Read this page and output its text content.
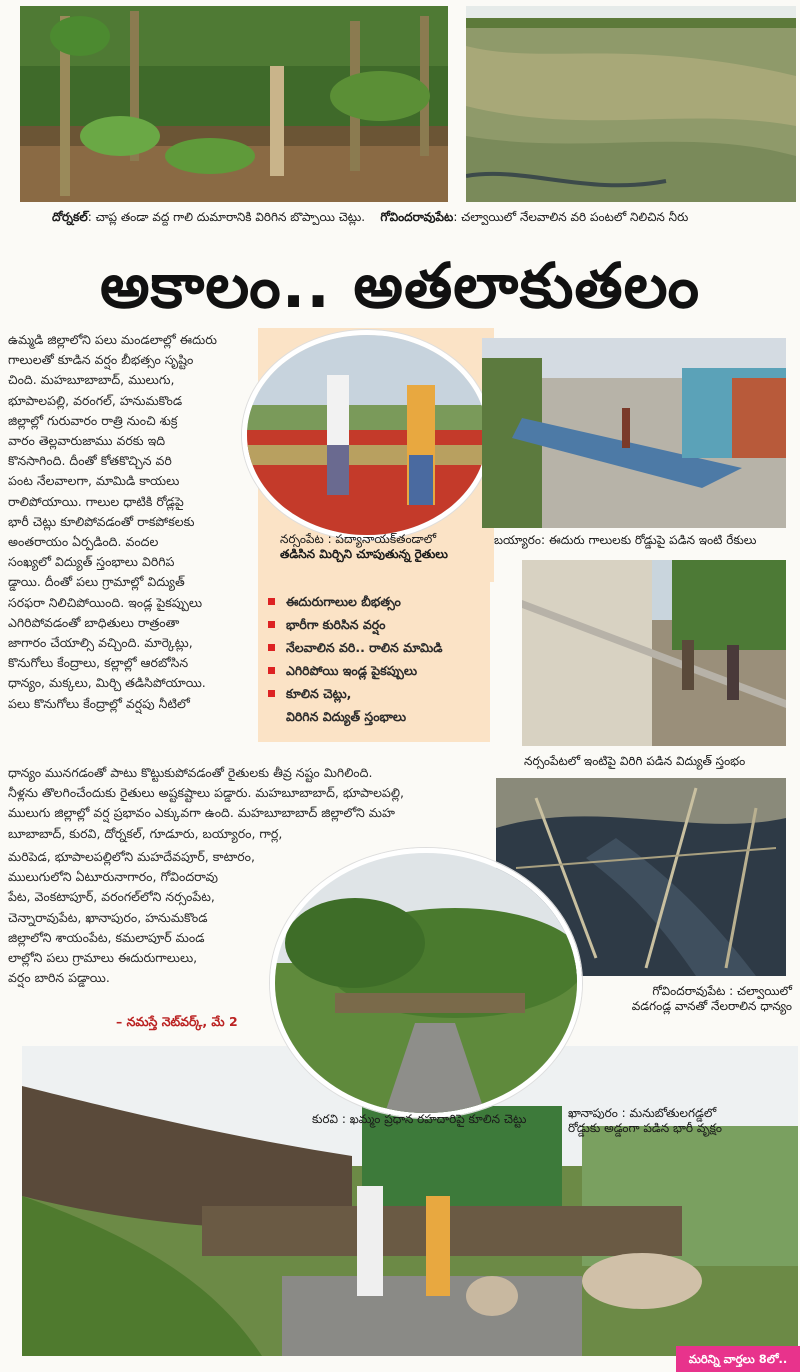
దోర్నకల్: చాప్ల తండా వద్ద గాలి దుమారానికి విరిగిన బొప్పాయి చెట్లు. గోవిందరావుపేట: చల్వాయిలో నేలవాలిన వరి పంటలో నిలిచిన నీరు
అకాలం.. అతలాకుతలం

ఉమ్మడి జిల్లాలోని పలు మండలాల్లో ఈదురు

గాలులతో కూడిన వర్షం బీభత్సం సృష్టిం

చింది. మహబూబాబాద్, ములుగు,

భూపాలపల్లి, వరంగల్, హనుమకొండ

జిల్లాల్లో గురువారం రాత్రి నుంచి శుక్ర

వారం తెల్లవారుజాము వరకు ఇది

కొనసాగింది. దీంతో కోతకొచ్చిన వరి

పంట నేలవాలగా, మామిడి కాయలు

రాలిపోయాయి. గాలుల ధాటికి రోడ్లపై

భారీ చెట్లు కూలిపోవడంతో రాకపోకలకు

అంతరాయం ఏర్పడింది. వందల

సంఖ్యలో విద్యుత్ స్తంభాలు విరిగిప

డ్డాయి. దీంతో పలు గ్రామాల్లో విద్యుత్

సరఫరా నిలిచిపోయింది. ఇండ్ల పైకప్పులు

ఎగిరిపోవడంతో బాధితులు రాత్రంతా

జాగారం చేయాల్సి వచ్చింది. మార్కెట్లు,

కొనుగోలు కేంద్రాలు, కల్లాల్లో ఆరబోసిన

ధాన్యం, మక్కలు, మిర్చి తడిసిపోయాయి.

పలు కొనుగోలు కేంద్రాల్లో వర్షపు నీటిలో

ధాన్యం మునగడంతో పాటు కొట్టుకుపోవడంతో రైతులకు తీవ్ర నష్టం మిగిలింది.

నీళ్లను తొలగించేందుకు రైతులు అష్టకష్టాలు పడ్డారు. మహబూబాబాద్, భూపాలపల్లి,

ములుగు జిల్లాల్లో వర్ష ప్రభావం ఎక్కువగా ఉంది. మహబూబాబాద్ జిల్లాలోని మహ

బూబాబాద్, కురవి, దోర్నకల్, గూడూరు, బయ్యారం, గార్ల,

మరిపెడ, భూపాలపల్లిలోని మహదేవపూర్, కాటారం,

ములుగులోని ఏటూరునాగారం, గోవిందరావు

పేట, వెంకటాపూర్, వరంగల్‌లోని నర్సంపేట,

చెన్నారావుపేట, ఖానాపురం, హనుమకొండ

జిల్లాలోని శాయంపేట, కమలాపూర్ మండ

లాల్లోని పలు గ్రామాలు ఈదురుగాలులు,

వర్షం బారిన పడ్డాయి.

– నమస్తే నెట్‌వర్క్, మే 2
నర్సంపేట : పద్యానాయక్‌తండాలో
తడిసిన మిర్చిని చూపుతున్న రైతులు
ఈదురుగాలుల బీభత్సం
భారీగా కురిసిన వర్షం
నేలవాలిన వరి.. రాలిన మామిడి
ఎగిరిపోయి ఇండ్ల పైకప్పులు
కూలిన చెట్లు,
విరిగిన విద్యుత్ స్తంభాలు
బయ్యారం: ఈదురు గాలులకు రోడ్డుపై పడిన ఇంటి రేకులు
నర్సంపేటలో ఇంటిపై విరిగి పడిన విద్యుత్ స్తంభం
గోవిందరావుపేట : చల్వాయిలో
వడగండ్ల వానతో నేలరాలిన ధాన్యం
కురవి : ఖమ్మం ప్రధాన రహదారిపై కూలిన చెట్టు	ఖానాపురం : మనుబోతులగడ్డలో
రోడ్డుకు అడ్డంగా పడిన భారీ వృక్షం
మరిన్ని వార్తలు 8లో..
